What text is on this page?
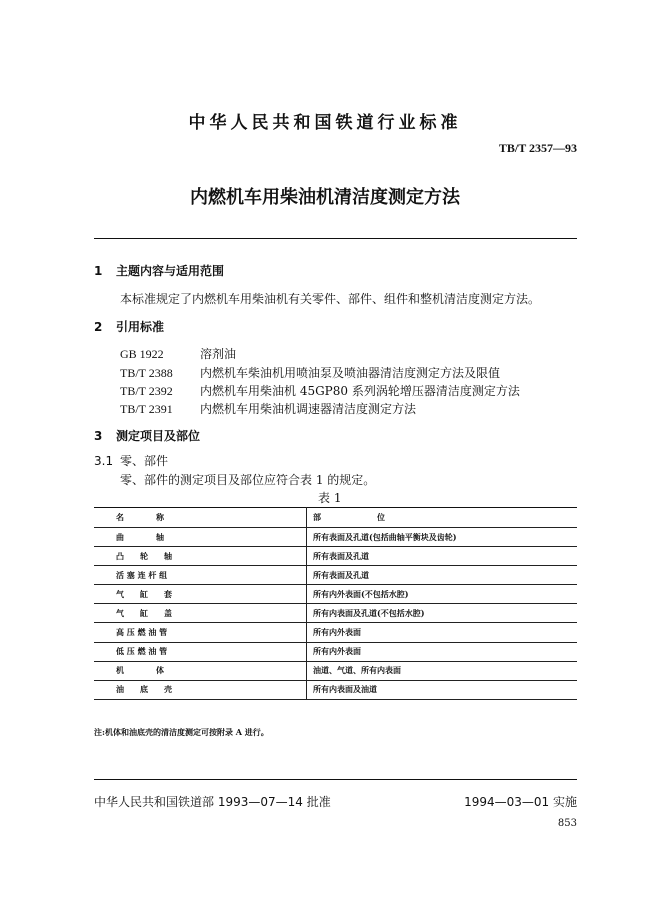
中华人民共和国铁道行业标准
TB/T 2357—93
内燃机车用柴油机清洁度测定方法
1 主题内容与适用范围
本标准规定了内燃机车用柴油机有关零件、部件、组件和整机清洁度测定方法。
2 引用标准
GB 1922	溶剂油
TB/T 2388 内燃机车柴油机用喷油泵及喷油器清洁度测定方法及限值
TB/T 2392 内燃机车用柴油机 45GP80 系列涡轮增压器清洁度测定方法
TB/T 2391 内燃机车用柴油机调速器清洁度测定方法
3 测定项目及部位
3.1 零、部件
零、部件的测定项目及部位应符合表 1 的规定。
表 1
名　　　　称	部　　　　　　　位
曲　　　　轴	所有表面及孔道(包括曲轴平衡块及齿轮)
凸　　轮　　轴	所有表面及孔道
活 塞 连 杆 组	所有表面及孔道
气　　缸　　套	所有内外表面(不包括水腔)
气　　缸　　盖	所有内表面及孔道(不包括水腔)
高 压 燃 油 管	所有内外表面
低 压 燃 油 管	所有内外表面
机　　　　体	油道、气道、所有内表面
油　　底　　壳	所有内表面及油道
注:机体和油底壳的清洁度测定可按附录 A 进行。
中华人民共和国铁道部 1993—07—14 批准	1994—03—01 实施
853
